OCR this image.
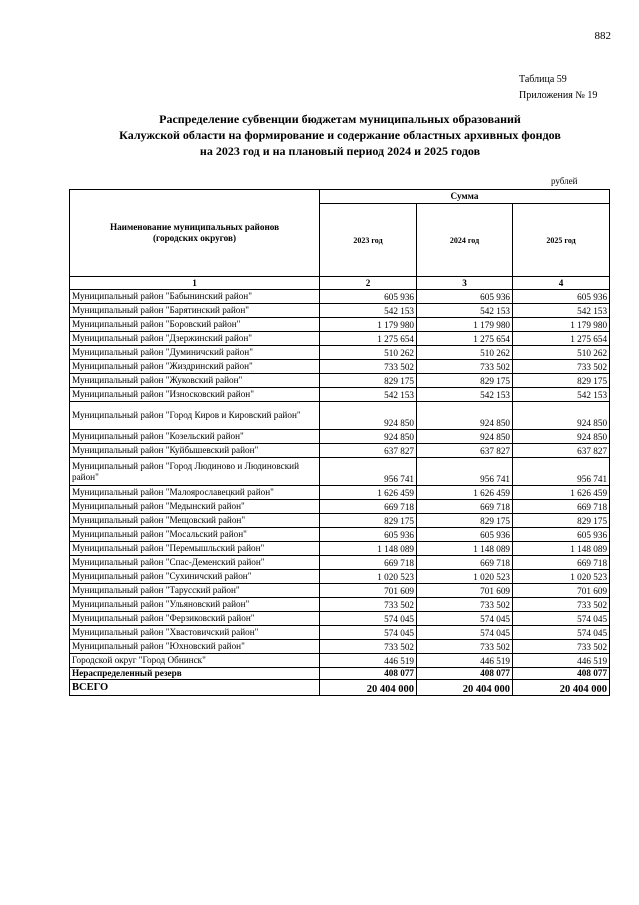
882
Таблица 59
Приложения № 19
Распределение субвенции бюджетам муниципальных образований
Калужской области на формирование и содержание областных архивных фондов
на 2023 год и на плановый период 2024 и 2025 годов
рублей
Наименование муниципальных районов
(городских округов)	Сумма		
	2023 год	2024 год	2025 год
1	2	3	4
Муниципальный район "Бабынинский район"	605 936	605 936	605 936
Муниципальный район "Барятинский район"	542 153	542 153	542 153
Муниципальный район "Боровский район"	1 179 980	1 179 980	1 179 980
Муниципальный район "Дзержинский район"	1 275 654	1 275 654	1 275 654
Муниципальный район "Думиничский район"	510 262	510 262	510 262
Муниципальный район "Жиздринский район"	733 502	733 502	733 502
Муниципальный район "Жуковский район"	829 175	829 175	829 175
Муниципальный район "Износковский район"	542 153	542 153	542 153
Муниципальный район "Город Киров и Кировский район"	924 850	924 850	924 850
Муниципальный район "Козельский район"	924 850	924 850	924 850
Муниципальный район "Куйбышевский район"	637 827	637 827	637 827
Муниципальный район "Город Людиново и Людиновский район"	956 741	956 741	956 741
Муниципальный район "Малоярославецкий район"	1 626 459	1 626 459	1 626 459
Муниципальный район "Медынский район"	669 718	669 718	669 718
Муниципальный район "Мещовский район"	829 175	829 175	829 175
Муниципальный район "Мосальский район"	605 936	605 936	605 936
Муниципальный район "Перемышльский район"	1 148 089	1 148 089	1 148 089
Муниципальный район "Спас-Деменский район"	669 718	669 718	669 718
Муниципальный район "Сухиничский район"	1 020 523	1 020 523	1 020 523
Муниципальный район "Тарусский район"	701 609	701 609	701 609
Муниципальный район "Ульяновский район"	733 502	733 502	733 502
Муниципальный район "Ферзиковский район"	574 045	574 045	574 045
Муниципальный район "Хвастовичский район"	574 045	574 045	574 045
Муниципальный район "Юхновский район"	733 502	733 502	733 502
Городской округ "Город Обнинск"	446 519	446 519	446 519
Нераспределенный резерв	408 077	408 077	408 077
ВСЕГО	20 404 000	20 404 000	20 404 000
